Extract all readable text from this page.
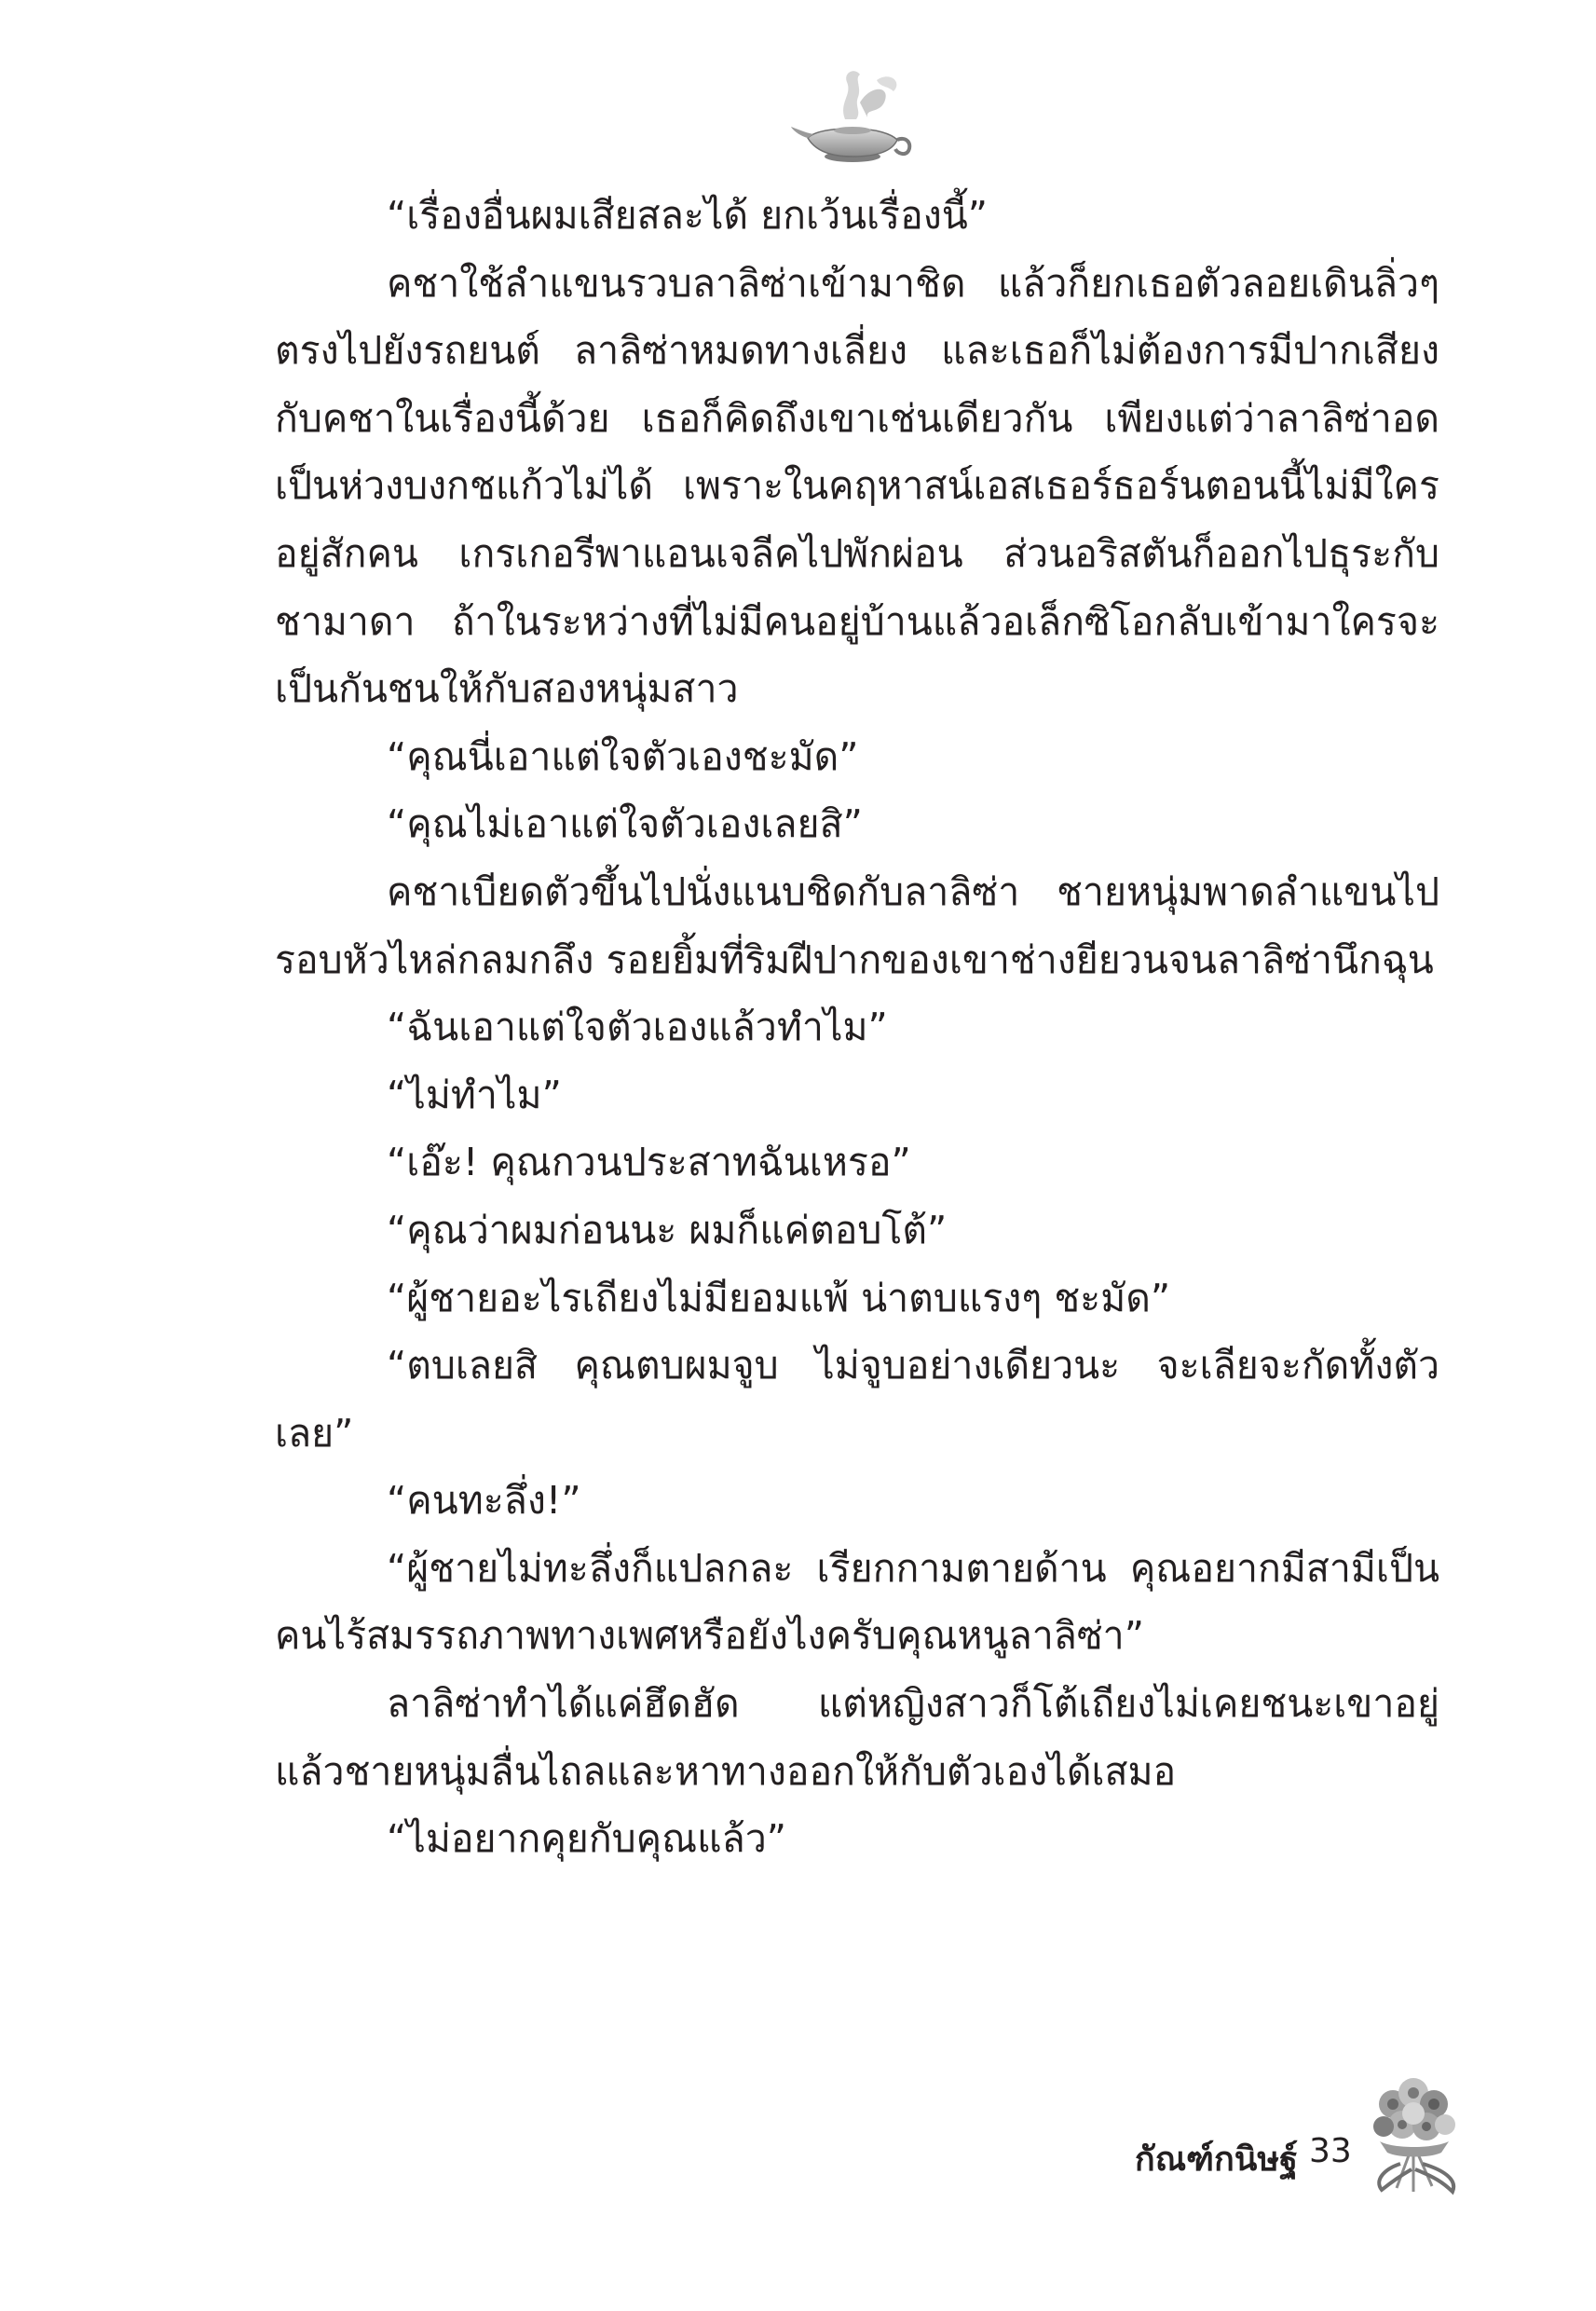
“เรื่องอื่นผมเสียสละได้ ยกเว้นเรื่องนี้”

คชาใช้ลำแขนรวบลาลิซ่าเข้ามาชิด แล้วก็ยกเธอตัวลอยเดินลิ่วๆ ตรงไปยังรถยนต์ ลาลิซ่าหมดทางเลี่ยง และเธอก็ไม่ต้องการมีปากเสียงกับคชาในเรื่องนี้ด้วย เธอก็คิดถึงเขาเช่นเดียวกัน เพียงแต่ว่าลาลิซ่าอดเป็นห่วงบงกชแก้วไม่ได้ เพราะในคฤหาสน์เอสเธอร์ธอร์นตอนนี้ไม่มีใครอยู่สักคน เกรเกอรีพาแอนเจลีคไปพักผ่อน ส่วนอริสตันก็ออกไปธุระกับชามาดา ถ้าในระหว่างที่ไม่มีคนอยู่บ้านแล้วอเล็กซิโอกลับเข้ามาใครจะเป็นกันชนให้กับสองหนุ่มสาว

“คุณนี่เอาแต่ใจตัวเองชะมัด”

“คุณไม่เอาแต่ใจตัวเองเลยสิ”

คชาเบียดตัวขึ้นไปนั่งแนบชิดกับลาลิซ่า ชายหนุ่มพาดลำแขนไปรอบหัวไหล่กลมกลึง รอยยิ้มที่ริมฝีปากของเขาช่างยียวนจนลาลิซ่านึกฉุน

“ฉันเอาแต่ใจตัวเองแล้วทำไม”

“ไม่ทำไม”

“เอ๊ะ! คุณกวนประสาทฉันเหรอ”

“คุณว่าผมก่อนนะ ผมก็แค่ตอบโต้”

“ผู้ชายอะไรเถียงไม่มียอมแพ้ น่าตบแรงๆ ชะมัด”

“ตบเลยสิ คุณตบผมจูบ ไม่จูบอย่างเดียวนะ จะเลียจะกัดทั้งตัวเลย”

“คนทะลึ่ง!”

“ผู้ชายไม่ทะลึ่งก็แปลกละ เรียกกามตายด้าน คุณอยากมีสามีเป็นคนไร้สมรรถภาพทางเพศหรือยังไงครับคุณหนูลาลิซ่า”

ลาลิซ่าทำได้แค่ฮึดฮัด แต่หญิงสาวก็โต้เถียงไม่เคยชนะเขาอยู่แล้วชายหนุ่มลื่นไถลและหาทางออกให้กับตัวเองได้เสมอ

“ไม่อยากคุยกับคุณแล้ว”

กัณฑ์กนิษฐ์ 33
